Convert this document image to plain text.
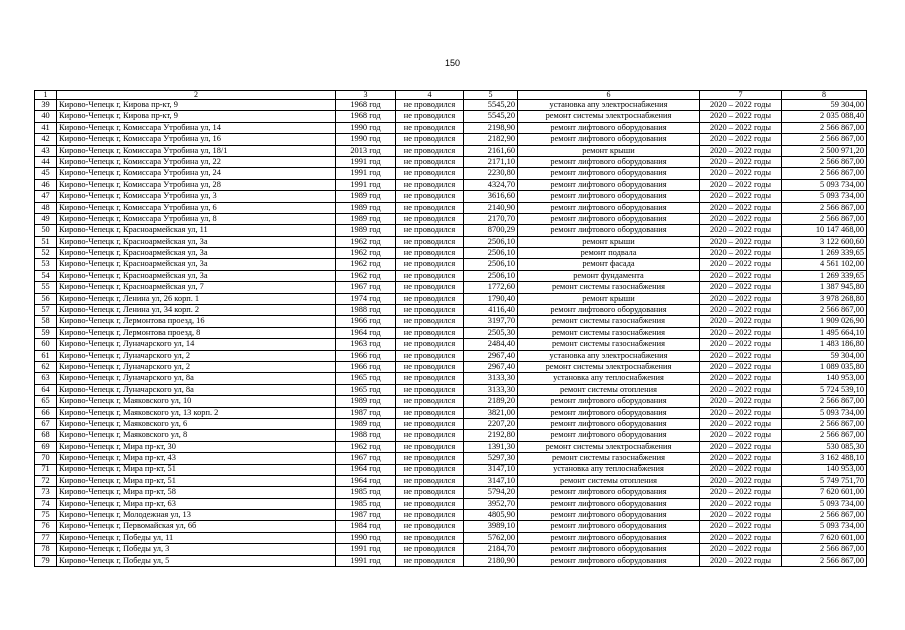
150
1	2	3	4	5	6	7	8
39	Кирово-Чепецк г, Кирова пр-кт, 9	1968 год	не проводился	5545,20	установка апу электроснабжения	2020 – 2022 годы	59 304,00
40	Кирово-Чепецк г, Кирова пр-кт, 9	1968 год	не проводился	5545,20	ремонт системы электроснабжения	2020 – 2022 годы	2 035 088,40
41	Кирово-Чепецк г, Комиссара Утробина ул, 14	1990 год	не проводился	2198,90	ремонт лифтового оборудования	2020 – 2022 годы	2 566 867,00
42	Кирово-Чепецк г, Комиссара Утробина ул, 16	1990 год	не проводился	2182,90	ремонт лифтового оборудования	2020 – 2022 годы	2 566 867,00
43	Кирово-Чепецк г, Комиссара Утробина ул, 18/1	2013 год	не проводился	2161,60	ремонт крыши	2020 – 2022 годы	2 500 971,20
44	Кирово-Чепецк г, Комиссара Утробина ул, 22	1991 год	не проводился	2171,10	ремонт лифтового оборудования	2020 – 2022 годы	2 566 867,00
45	Кирово-Чепецк г, Комиссара Утробина ул, 24	1991 год	не проводился	2230,80	ремонт лифтового оборудования	2020 – 2022 годы	2 566 867,00
46	Кирово-Чепецк г, Комиссара Утробина ул, 28	1991 год	не проводился	4324,70	ремонт лифтового оборудования	2020 – 2022 годы	5 093 734,00
47	Кирово-Чепецк г, Комиссара Утробина ул, 3	1989 год	не проводился	3616,60	ремонт лифтового оборудования	2020 – 2022 годы	5 093 734,00
48	Кирово-Чепецк г, Комиссара Утробина ул, 6	1989 год	не проводился	2140,90	ремонт лифтового оборудования	2020 – 2022 годы	2 566 867,00
49	Кирово-Чепецк г, Комиссара Утробина ул, 8	1989 год	не проводился	2170,70	ремонт лифтового оборудования	2020 – 2022 годы	2 566 867,00
50	Кирово-Чепецк г, Красноармейская ул, 11	1989 год	не проводился	8700,29	ремонт лифтового оборудования	2020 – 2022 годы	10 147 468,00
51	Кирово-Чепецк г, Красноармейская ул, 3а	1962 год	не проводился	2506,10	ремонт крыши	2020 – 2022 годы	3 122 600,60
52	Кирово-Чепецк г, Красноармейская ул, 3а	1962 год	не проводился	2506,10	ремонт подвала	2020 – 2022 годы	1 269 339,65
53	Кирово-Чепецк г, Красноармейская ул, 3а	1962 год	не проводился	2506,10	ремонт фасада	2020 – 2022 годы	4 561 102,00
54	Кирово-Чепецк г, Красноармейская ул, 3а	1962 год	не проводился	2506,10	ремонт фундамента	2020 – 2022 годы	1 269 339,65
55	Кирово-Чепецк г, Красноармейская ул, 7	1967 год	не проводился	1772,60	ремонт системы газоснабжения	2020 – 2022 годы	1 387 945,80
56	Кирово-Чепецк г, Ленина ул, 26 корп. 1	1974 год	не проводился	1790,40	ремонт крыши	2020 – 2022 годы	3 978 268,80
57	Кирово-Чепецк г, Ленина ул, 34 корп. 2	1988 год	не проводился	4116,40	ремонт лифтового оборудования	2020 – 2022 годы	2 566 867,00
58	Кирово-Чепецк г, Лермонтова проезд, 16	1966 год	не проводился	3197,70	ремонт системы газоснабжения	2020 – 2022 годы	1 909 026,90
59	Кирово-Чепецк г, Лермонтова проезд, 8	1964 год	не проводился	2505,30	ремонт системы газоснабжения	2020 – 2022 годы	1 495 664,10
60	Кирово-Чепецк г, Луначарского ул, 14	1963 год	не проводился	2484,40	ремонт системы газоснабжения	2020 – 2022 годы	1 483 186,80
61	Кирово-Чепецк г, Луначарского ул, 2	1966 год	не проводился	2967,40	установка апу электроснабжения	2020 – 2022 годы	59 304,00
62	Кирово-Чепецк г, Луначарского ул, 2	1966 год	не проводился	2967,40	ремонт системы электроснабжения	2020 – 2022 годы	1 089 035,80
63	Кирово-Чепецк г, Луначарского ул, 8а	1965 год	не проводился	3133,30	установка апу теплоснабжения	2020 – 2022 годы	140 953,00
64	Кирово-Чепецк г, Луначарского ул, 8а	1965 год	не проводился	3133,30	ремонт системы отопления	2020 – 2022 годы	5 724 539,10
65	Кирово-Чепецк г, Маяковского ул, 10	1989 год	не проводился	2189,20	ремонт лифтового оборудования	2020 – 2022 годы	2 566 867,00
66	Кирово-Чепецк г, Маяковского ул, 13 корп. 2	1987 год	не проводился	3821,00	ремонт лифтового оборудования	2020 – 2022 годы	5 093 734,00
67	Кирово-Чепецк г, Маяковского ул, 6	1989 год	не проводился	2207,20	ремонт лифтового оборудования	2020 – 2022 годы	2 566 867,00
68	Кирово-Чепецк г, Маяковского ул, 8	1988 год	не проводился	2192,80	ремонт лифтового оборудования	2020 – 2022 годы	2 566 867,00
69	Кирово-Чепецк г, Мира пр-кт, 30	1962 год	не проводился	1391,30	ремонт системы электроснабжения	2020 – 2022 годы	530 085,30
70	Кирово-Чепецк г, Мира пр-кт, 43	1967 год	не проводился	5297,30	ремонт системы газоснабжения	2020 – 2022 годы	3 162 488,10
71	Кирово-Чепецк г, Мира пр-кт, 51	1964 год	не проводился	3147,10	установка апу теплоснабжения	2020 – 2022 годы	140 953,00
72	Кирово-Чепецк г, Мира пр-кт, 51	1964 год	не проводился	3147,10	ремонт системы отопления	2020 – 2022 годы	5 749 751,70
73	Кирово-Чепецк г, Мира пр-кт, 58	1985 год	не проводился	5794,20	ремонт лифтового оборудования	2020 – 2022 годы	7 620 601,00
74	Кирово-Чепецк г, Мира пр-кт, 63	1985 год	не проводился	3952,70	ремонт лифтового оборудования	2020 – 2022 годы	5 093 734,00
75	Кирово-Чепецк г, Молодежная ул, 13	1987 год	не проводился	4805,90	ремонт лифтового оборудования	2020 – 2022 годы	2 566 867,00
76	Кирово-Чепецк г, Первомайская ул, 6б	1984 год	не проводился	3989,10	ремонт лифтового оборудования	2020 – 2022 годы	5 093 734,00
77	Кирово-Чепецк г, Победы ул, 11	1990 год	не проводился	5762,00	ремонт лифтового оборудования	2020 – 2022 годы	7 620 601,00
78	Кирово-Чепецк г, Победы ул, 3	1991 год	не проводился	2184,70	ремонт лифтового оборудования	2020 – 2022 годы	2 566 867,00
79	Кирово-Чепецк г, Победы ул, 5	1991 год	не проводился	2180,90	ремонт лифтового оборудования	2020 – 2022 годы	2 566 867,00
